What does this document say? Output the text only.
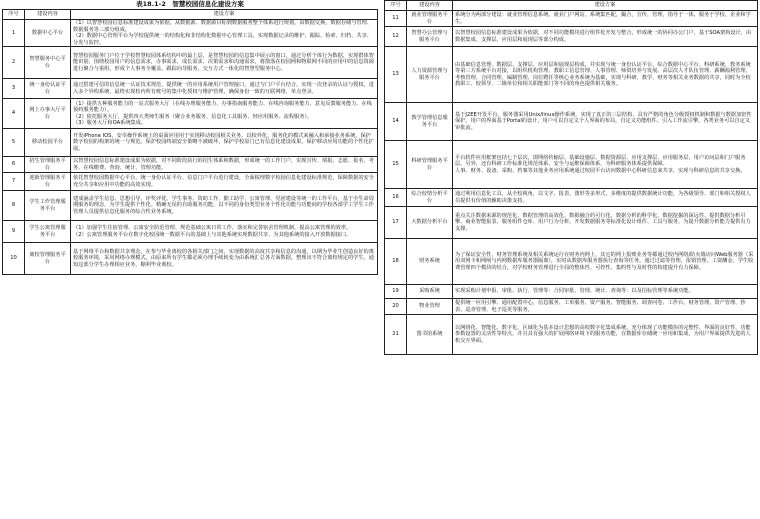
表18.1-2　智慧校园信息化建设方案
序号	建设内容	建设方案
1	数据中心平台	（1）以智慧校园信息标准建设成果为依据，从数据源、数据源目标到数据服务整个体系进行规划，由数据交换、数据存储与管理、数据服务等三部分组成。
（2）数据中心管理平台为学校提供统一的结构化和非结构化数据中心管理工具，实现数据记录的维护、跟踪、检索、归档、共享、分发与监控。

2	智慧服务中心平台	智慧校园服务门户位于学校智慧校园体系结构中的最上层，是智慧校园的信息集中展示的窗口，通过分析个体行为数据，实现群体智能识别，围绕校园用户的信息需求，办事需求，成长需求，决策需求和沟通需求，将散落在校园网和物联网不同的应用中的信息资源进行聚合与重组，形成个人事务全覆盖，跟踪向导服务，交互方式一体化的智慧型服务中心。

3	统一身份认证平台	通过搭建可信的信息统一认证技术规范，提供统一的应用系统用户管理接口，通过与门户平台结合，实现一次登录的认证与授权，进入多个异构系统，最终实现校内所有账号的集中化授权与维护管理，确保身份一致的互联网络，单点登录。

4	网上办事大厅平台	（1）提供五种服务能力的一站式服务大厅（在线办理服务能力、办事指南服务能力、在线咨询服务能力、意见反馈服务能力、在线预约服务能力）。
（2）依托服务大厅，提供四大类师生服务（聚合业务服务、信息化工具服务、轻应用服务、流程服务）。
（3）服务大厅和OA系统集成。

5	移动校园平台	开发iPhone IOS、安卓操作系统上的桌面应用用于实现移动校园相关业务。以校外化，服务化的模式来融入和承接业务系统，保护数字校园的构架的统一与规范。保护校园终端安全策略不被破坏，保护学校原门已有信息化建设成果，保护移动应用功能的个性化扩展。

6	招生管理服务平台	以智慧校园信息标准建设成果为依据，对不同阶段执行的招生体系和数据，形成统一的工作门户，实现宣传、填报、志愿、报名、考务、在线缴费、查询、统计、管理功能。

7	迎新管理服务平台	依托智慧校园数据中心平台、统一身份认证平台、信息门户平台进行建设，全面梳理数字校园信息化建设标准规范，保障数据的安全充分共享和应用中功能的高效实现。

8	学生工作管理服务平台	建成涵盖学生信息、思想引导、评奖评优、学生事务、资助工作、勤工助学、公寓管理、党团建设等统一的工作平台，基于全生命周期服务的理念，为学生提供个性化、精确无误的自助服务功能，以不同的身份类型业务个性化功能与功能间的学校各部学工学生工作管理人员提供信息化服务的综合性业务系统。

9	学生公寓管理服务平台	（1）加强学生住宿管理、公寓安全防范管理、规范基础公寓日常工作，落实和完善宿舍管理机制，提高公寓管理的效率。
（2）公寓管理服务平台在数字化校园统一数据平台的基础上与其他系统实现数据共享，为其他系统的接入开放数据接口。

10	离校管理服务平台	基于网络平台和数据共享理念，在参与毕业离校的各相关部门之间，实现数据的高度共享和信息的沟通，以期为毕业生创造良好的离校服务环境，采用网络办理模式，由原来所有学生都必须办理手续转变为由系统汇总各方面数据，整理出不符合离校规定的学生，通知这部分学生办理相应业务，顺利毕业离校。
序号	建设内容	建设方案
11	就业管理服务平台	系统分为两部分建设：就业管理信息系统、就业门户网站。系统集匹配，撮合，宣传，管理，指导于一体，服务于学校、企业和学生。

12	智慧办公管理与服务平台	以智慧校园信息标准建设成果为依据，对不同功能模块进行组件化开发与整合，形成统一的协同办公门户，基于SOA架构设计，由数据集成、支撑层、应用层和展现层等部分构成。

13	人力资源管理与服务平台	由基础信息管理、数据层、支撑层、应用层和展现层构成，并实现与统一身份认证平台、综合数据中心平台、科研系统、教务系统等第三方系统平台对接，以组织机构管理、教职工信息管理、人事管理、师资培养与发展、高层次人才队伍管理、薪酬福利管理、考核管理、合同管理、编制管理、岗位聘任等核心业务系统为基础，实现与科研、教学、财务等相关业务数据的共享，同时为全校教职工、校领导、二级单位和相关职能部门等不同的角色提供相关服务。

14	教学管理信息服务平台	基于J2EE开发平台，服务器采用Unix/linux操作系统，实现了真正的三层结构，具有严格的角色分级授权机制和数据与数据加密性保护。用户的界面基于Portal的设计，用户可以自定义个人界面的布局，自定义功能组件。引入工作流引擎，各类业务可以自定义审批流。

15	科研管理服务平台	平台软件应用框架包括七个层次，即网络传输层、基础设施层、数据资源层、应用支撑层、应用服务层、用户访问层和门户服务层。另外，还有科研工作标准化规范体系、安全与运维保障体系，为科研服务体系提供保障。
人事、财务、设备、采购、档案等其他业务应用系统通过校园平台访问数据中心科研信息来共享，实现与科研信息的共享交换。

16	综合校情分析平台	通过利用信息化工具，从全校视角，以文字、报表、图形等多形式，多维度的提供数据统计功能，为各级领导、部门和相关授权人员提供有价值的辅助决策支持。

17	大数据分析平台	重点关注数据来源的规范化、数据管理的高效化、数据融合的可行化、数据分析的科学化、数据挖掘的深远性、提供数据分析引擎、商业智能报表、服务组件仓库、用户行为分析、开发数据服务等标准化设计组件、工具与服务，为提升数据分析能力提供有力支撑。

18	财务系统	为了保证安全性，财务管理系统及相关系统运行在财务内网上，其它的网上报账业务等都通过校内网络/防火墙访问Web服务器（采用双网卡和网闸与内网数据库服务器隔离），实时从数据库服务器执行查询等任务。通过过滤等管理、报销管理、工资酬金、学生收费管理四个模块的结合，对学校财务管理进行全局的整体性、可控性、集约性与及时性的构建提升有力保障。

19	采购系统	实现采购计划申报、审批、执行、管理等：合同审批、管理、统计、查询等：以及招标管理等系统功能。

20	物业管理	提供统一应用引擎、通用配置中心，信息服务、工单服务、资产服务、智能服务、调查问卷、工作台、财务管理、资产管理、抄表、巡查管理、电子巡更等服务。

21	图书馆系统	以网络化、智能化、数字化、区域化为基本设计思想的高校数字化集成系统。充分体现了功能模块的完整性、界面的良好性、功能参数设置的灵活性等特点，并且具有强大的扩展网络环境下的服务功能，在数据库存储统一应用和集成，为用户界面提供先进的人机交互界面。
